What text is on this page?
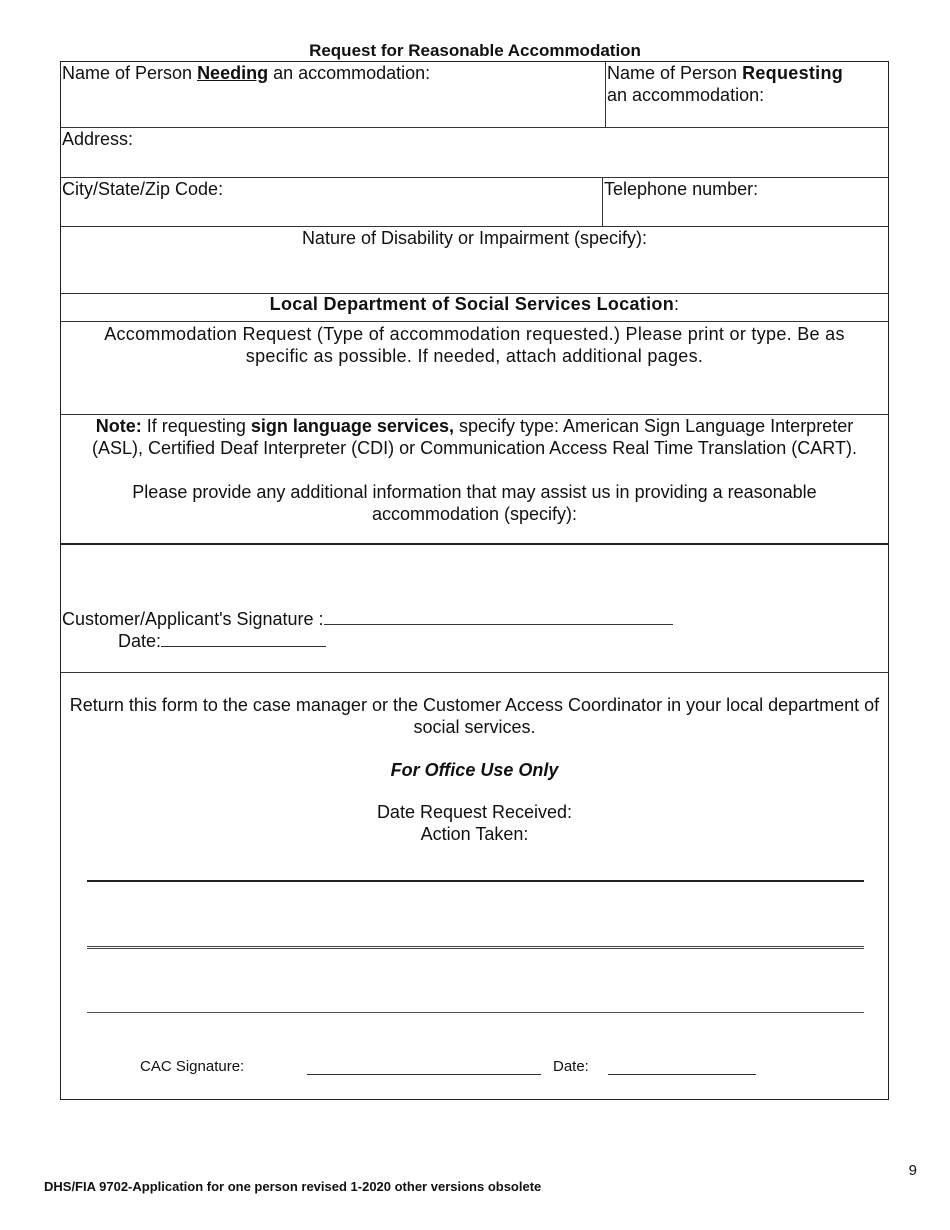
Request for Reasonable Accommodation
Name of Person Needing an accommodation:	Name of Person Requesting
an accommodation:
Address:
City/State/Zip Code:	Telephone number:
Nature of Disability or Impairment (specify):
Local Department of Social Services Location:
Accommodation Request (Type of accommodation requested.) Please print or type. Be as specific as possible. If needed, attach additional pages.
Note: If requesting sign language services, specify type: American Sign Language Interpreter (ASL), Certified Deaf Interpreter (CDI) or Communication Access Real Time Translation (CART).
Please provide any additional information that may assist us in providing a reasonable accommodation (specify):
Customer/Applicant's Signature :
Date:
Return this form to the case manager or the Customer Access Coordinator in your local department of social services.
For Office Use Only
Date Request Received:
Action Taken:
CAC Signature:	Date:
9
DHS/FIA 9702-Application for one person revised 1-2020 other versions obsolete
